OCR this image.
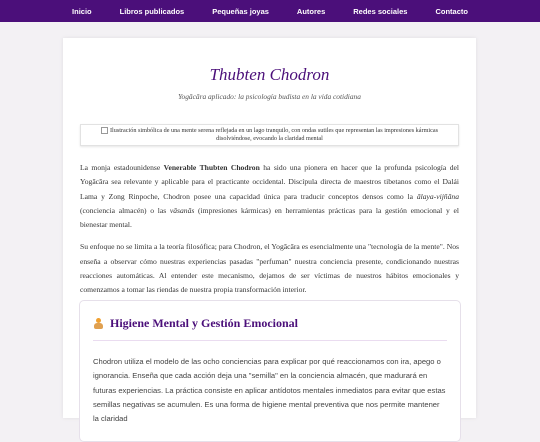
Inicio	Libros publicados	Pequeñas joyas	Autores	Redes sociales	Contacto
Thubten Chodron
Yogācāra aplicado: la psicología budista en la vida cotidiana
Ilustración simbólica de una mente serena reflejada en un lago tranquilo, con ondas sutiles que representan las impresiones kármicas disolviéndose, evocando la claridad mental

La monja estadounidense Venerable Thubten Chodron ha sido una pionera en hacer que la profunda psicología del Yogācāra sea relevante y aplicable para el practicante occidental. Discípula directa de maestros tibetanos como el Dalái Lama y Zong Rinpoche, Chodron posee una capacidad única para traducir conceptos densos como la ālaya-vijñāna (conciencia almacén) o las vāsanās (impresiones kármicas) en herramientas prácticas para la gestión emocional y el bienestar mental.

Su enfoque no se limita a la teoría filosófica; para Chodron, el Yogācāra es esencialmente una "tecnología de la mente". Nos enseña a observar cómo nuestras experiencias pasadas "perfuman" nuestra conciencia presente, condicionando nuestras reacciones automáticas. Al entender este mecanismo, dejamos de ser víctimas de nuestros hábitos emocionales y comenzamos a tomar las riendas de nuestra propia transformación interior.

Higiene Mental y Gestión Emocional

Chodron utiliza el modelo de las ocho conciencias para explicar por qué reaccionamos con ira, apego o ignorancia. Enseña que cada acción deja una "semilla" en la conciencia almacén, que madurará en futuras experiencias. La práctica consiste en aplicar antídotos mentales inmediatos para evitar que estas semillas negativas se acumulen. Es una forma de higiene mental preventiva que nos permite mantener la claridad
